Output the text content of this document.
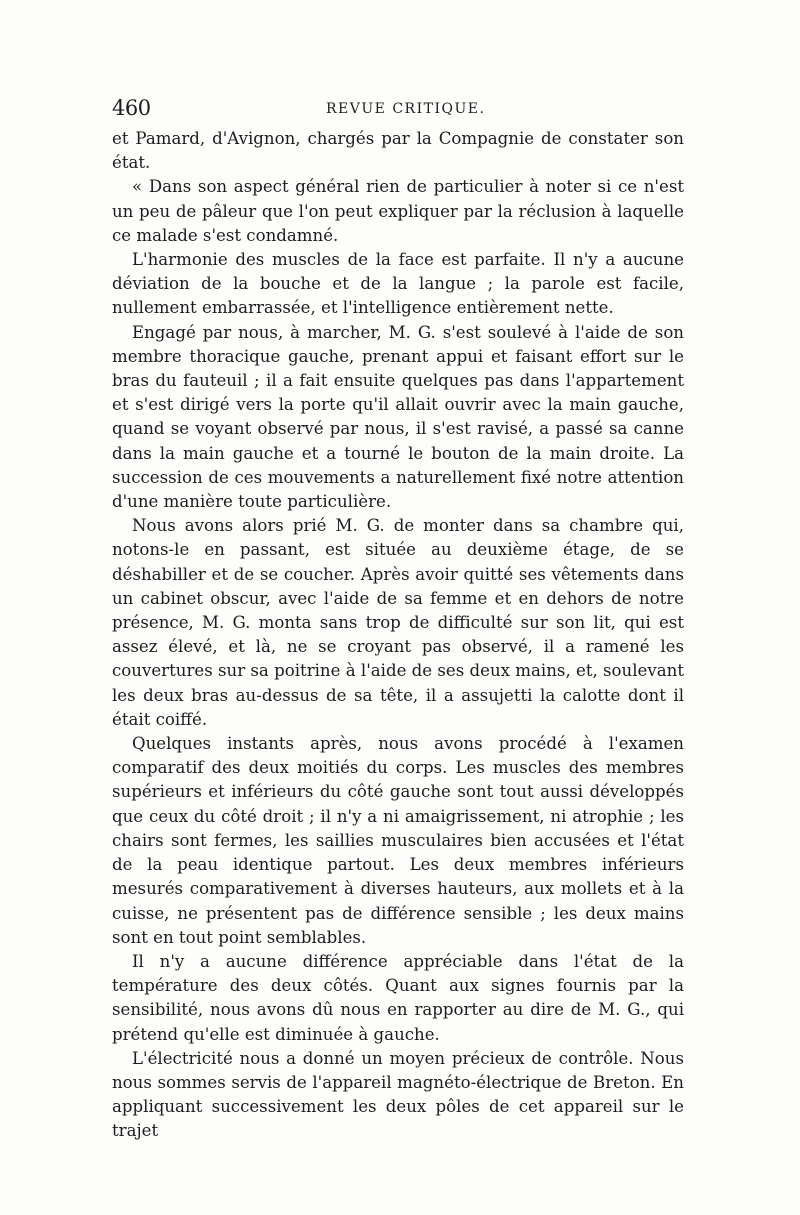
460	REVUE CRITIQUE.

et Pamard, d'Avignon, chargés par la Compagnie de constater son état.

« Dans son aspect général rien de particulier à noter si ce n'est un peu de pâleur que l'on peut expliquer par la réclusion à laquelle ce malade s'est condamné.

L'harmonie des muscles de la face est parfaite. Il n'y a aucune déviation de la bouche et de la langue ; la parole est facile, nullement embarrassée, et l'intelligence entièrement nette.

Engagé par nous, à marcher, M. G. s'est soulevé à l'aide de son membre thoracique gauche, prenant appui et faisant effort sur le bras du fauteuil ; il a fait ensuite quelques pas dans l'appartement et s'est dirigé vers la porte qu'il allait ouvrir avec la main gauche, quand se voyant observé par nous, il s'est ravisé, a passé sa canne dans la main gauche et a tourné le bouton de la main droite. La succession de ces mouvements a naturellement fixé notre attention d'une manière toute particulière.

Nous avons alors prié M. G. de monter dans sa chambre qui, notons-le en passant, est située au deuxième étage, de se déshabiller et de se coucher. Après avoir quitté ses vêtements dans un cabinet obscur, avec l'aide de sa femme et en dehors de notre présence, M. G. monta sans trop de difficulté sur son lit, qui est assez élevé, et là, ne se croyant pas observé, il a ramené les couvertures sur sa poitrine à l'aide de ses deux mains, et, soulevant les deux bras au-dessus de sa tête, il a assujetti la calotte dont il était coiffé.

Quelques instants après, nous avons procédé à l'examen comparatif des deux moitiés du corps. Les muscles des membres supérieurs et inférieurs du côté gauche sont tout aussi développés que ceux du côté droit ; il n'y a ni amaigrissement, ni atrophie ; les chairs sont fermes, les saillies musculaires bien accusées et l'état de la peau identique partout. Les deux membres inférieurs mesurés comparativement à diverses hauteurs, aux mollets et à la cuisse, ne présentent pas de différence sensible ; les deux mains sont en tout point semblables.

Il n'y a aucune différence appréciable dans l'état de la température des deux côtés. Quant aux signes fournis par la sensibilité, nous avons dû nous en rapporter au dire de M. G., qui prétend qu'elle est diminuée à gauche.

L'électricité nous a donné un moyen précieux de contrôle. Nous nous sommes servis de l'appareil magnéto-électrique de Breton. En appliquant successivement les deux pôles de cet appareil sur le trajet
